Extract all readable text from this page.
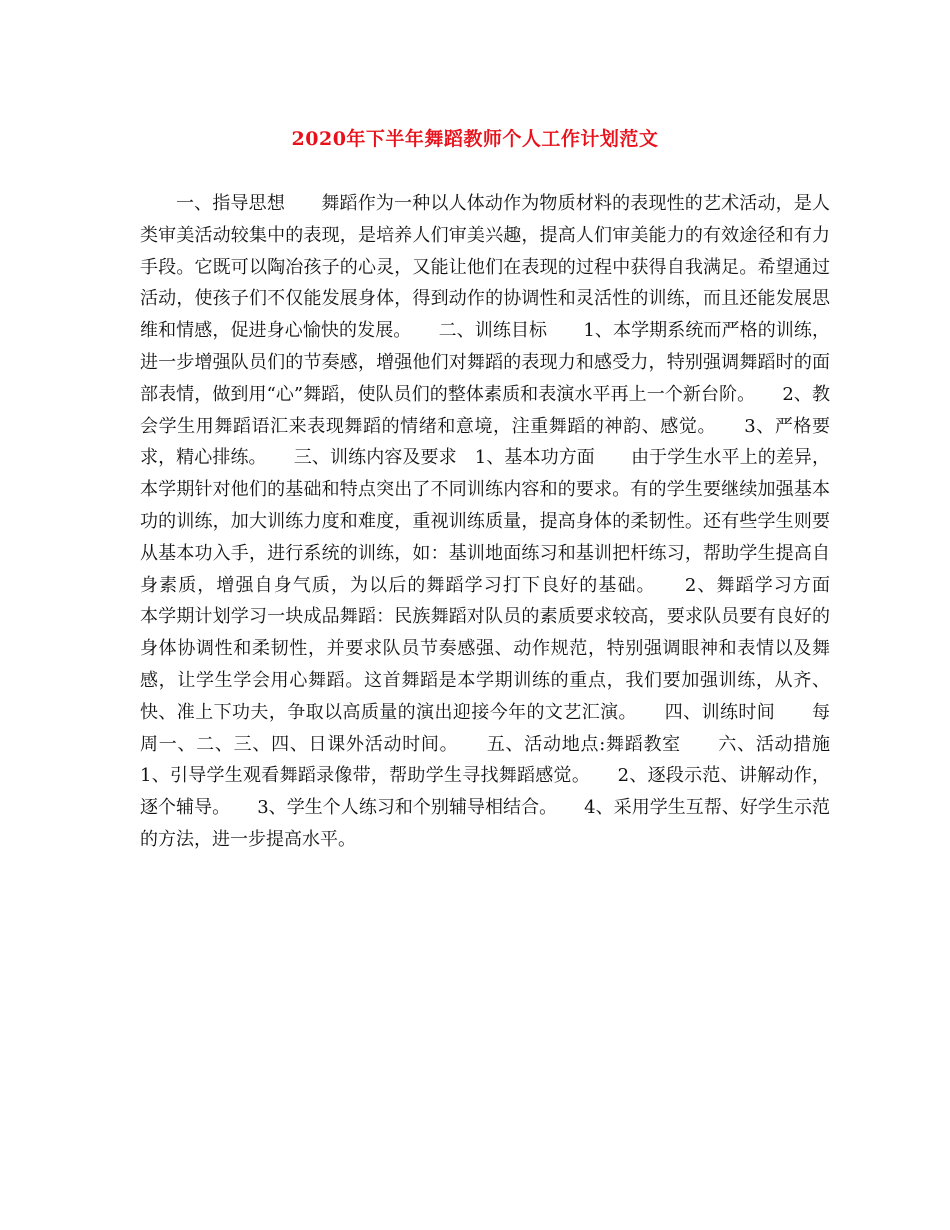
2020年下半年舞蹈教师个人工作计划范文

一、指导思想　　舞蹈作为一种以人体动作为物质材料的表现性的艺术活动，是人类审美活动较集中的表现，是培养人们审美兴趣，提高人们审美能力的有效途径和有力手段。它既可以陶冶孩子的心灵，又能让他们在表现的过程中获得自我满足。希望通过活动，使孩子们不仅能发展身体，得到动作的协调性和灵活性的训练，而且还能发展思维和情感，促进身心愉快的发展。　　二、训练目标　　1、本学期系统而严格的训练，进一步增强队员们的节奏感，增强他们对舞蹈的表现力和感受力，特别强调舞蹈时的面部表情，做到用“心”舞蹈，使队员们的整体素质和表演水平再上一个新台阶。　　2、教会学生用舞蹈语汇来表现舞蹈的情绪和意境，注重舞蹈的神韵、感觉。　　3、严格要求，精心排练。　　三、训练内容及要求　1、基本功方面　　由于学生水平上的差异，本学期针对他们的基础和特点突出了不同训练内容和的要求。有的学生要继续加强基本功的训练，加大训练力度和难度，重视训练质量，提高身体的柔韧性。还有些学生则要从基本功入手，进行系统的训练，如：基训地面练习和基训把杆练习，帮助学生提高自身素质，增强自身气质，为以后的舞蹈学习打下良好的基础。　　2、舞蹈学习方面　　本学期计划学习一块成品舞蹈：民族舞蹈对队员的素质要求较高，要求队员要有良好的身体协调性和柔韧性，并要求队员节奏感强、动作规范，特别强调眼神和表情以及舞感，让学生学会用心舞蹈。这首舞蹈是本学期训练的重点，我们要加强训练，从齐、快、准上下功夫，争取以高质量的演出迎接今年的文艺汇演。　　四、训练时间　　每周一、二、三、四、日课外活动时间。　　五、活动地点:舞蹈教室　　六、活动措施　1、引导学生观看舞蹈录像带，帮助学生寻找舞蹈感觉。　　2、逐段示范、讲解动作，逐个辅导。　　3、学生个人练习和个别辅导相结合。　　4、采用学生互帮、好学生示范的方法，进一步提高水平。
